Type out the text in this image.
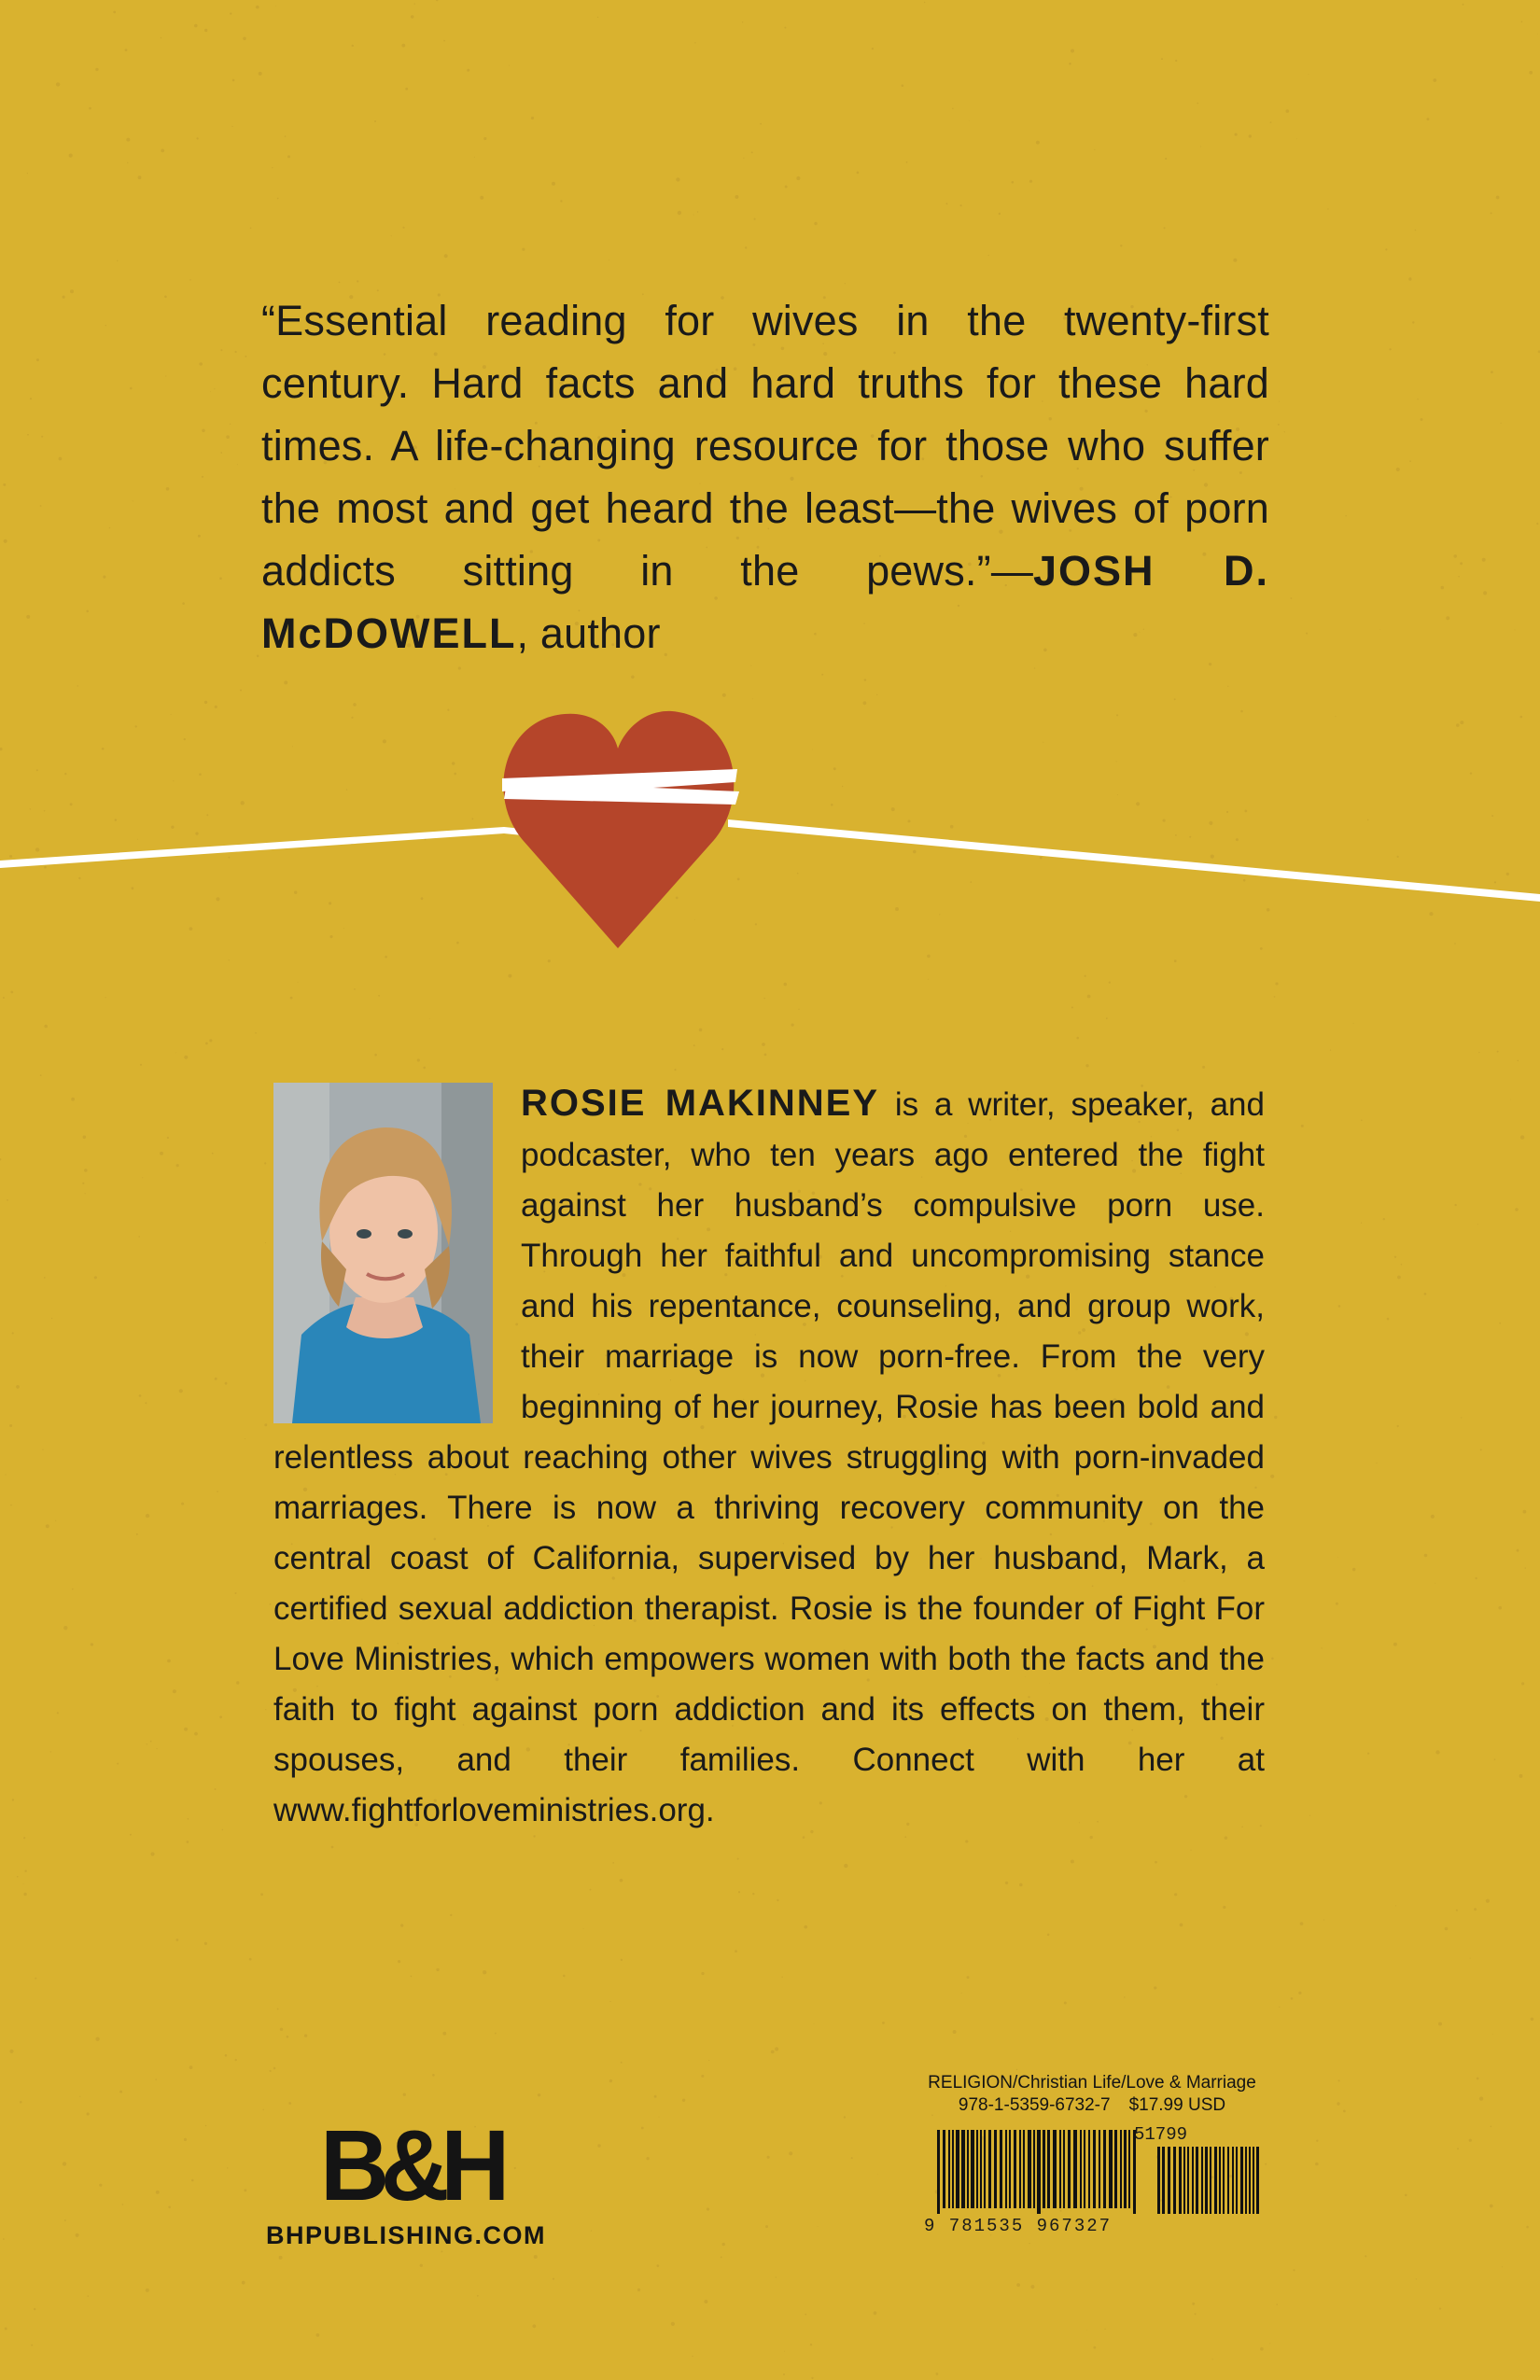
“Essential reading for wives in the twenty-first century. Hard facts and hard truths for these hard times. A life-changing resource for those who suffer the most and get heard the least—the wives of porn addicts sitting in the pews.”—JOSH D. McDOWELL, author
ROSIE MAKINNEY is a writer, speaker, and podcaster, who ten years ago entered the fight against her husband’s compulsive porn use. Through her faithful and uncompromising stance and his repentance, counseling, and group work, their marriage is now porn-free. From the very beginning of her journey, Rosie has been bold and relentless about reaching other wives struggling with porn-invaded marriages. There is now a thriving recovery community on the central coast of California, supervised by her husband, Mark, a certified sexual addiction therapist. Rosie is the founder of Fight For Love Ministries, which empowers women with both the facts and the faith to fight against porn addiction and its effects on them, their spouses, and their families. Connect with her at www.fightforloveministries.org.
B&H
BHPUBLISHING.COM
RELIGION/Christian Life/Love & Marriage
978-1-5359-6732-7 $17.99 USD
51799
9 781535 967327
